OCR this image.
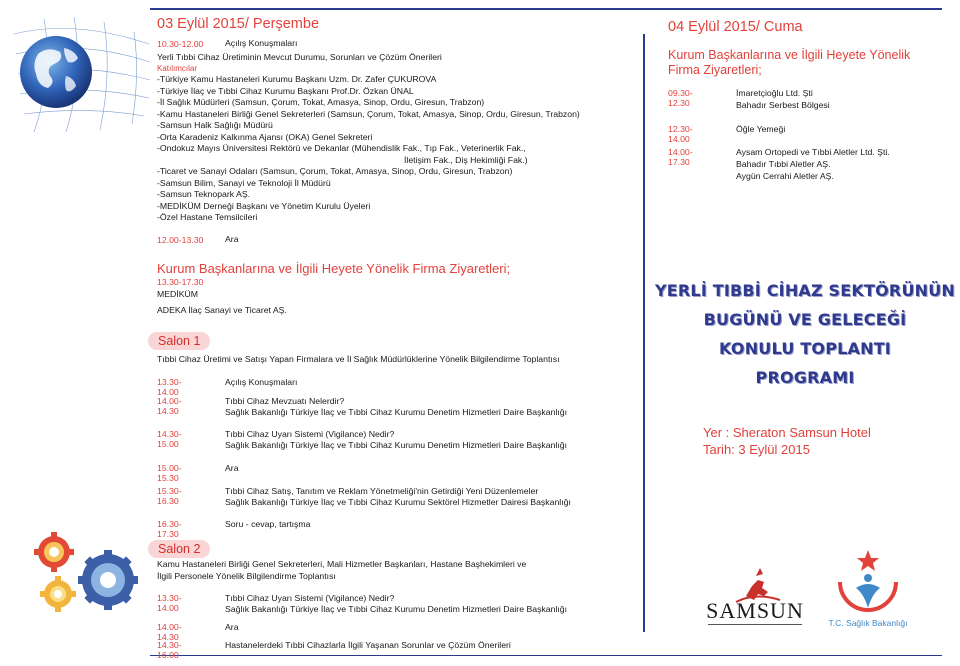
03 Eylül 2015/ Perşembe
10.30-12.00 Açılış Konuşmaları
Yerli Tıbbi Cihaz Üretiminin Mevcut Durumu, Sorunları ve Çözüm Önerileri
Katılımcılar
-Türkiye Kamu Hastaneleri Kurumu Başkanı Uzm. Dr. Zafer ÇUKUROVA
-Türkiye İlaç ve Tıbbi Cihaz Kurumu Başkanı Prof.Dr. Özkan ÜNAL
-İl Sağlık Müdürleri (Samsun, Çorum, Tokat, Amasya, Sinop, Ordu, Giresun, Trabzon)
-Kamu Hastaneleri Birliği Genel Sekreterleri (Samsun, Çorum, Tokat, Amasya, Sinop, Ordu, Giresun, Trabzon)
-Samsun Halk Sağlığı Müdürü
-Orta Karadeniz Kalkınma Ajansı (OKA) Genel Sekreteri
-Ondokuz Mayıs Üniversitesi Rektörü ve Dekanlar (Mühendislik Fak., Tıp Fak., Veterinerlik Fak.,
İletişim Fak., Diş Hekimliği Fak.)
-Ticaret ve Sanayi Odaları (Samsun, Çorum, Tokat, Amasya, Sinop, Ordu, Giresun, Trabzon)
-Samsun Bilim, Sanayi ve Teknoloji İl Müdürü
-Samsun Teknopark AŞ.
-MEDİKÜM Derneği Başkanı ve Yönetim Kurulu Üyeleri
-Özel Hastane Temsilcileri
12.00-13.30 Ara
Kurum Başkanlarına ve İlgili Heyete Yönelik Firma Ziyaretleri;
13.30-17.30
MEDİKÜM
ADEKA İlaç Sanayi ve Ticaret AŞ.
Salon 1
Tıbbi Cihaz Üretimi ve Satışı Yapan Firmalara ve İl Sağlık Müdürlüklerine Yönelik Bilgilendirme Toplantısı
13.30-14.00
Açılış Konuşmaları
14.00-14.30
Tıbbi Cihaz Mevzuatı Nelerdir?
Sağlık Bakanlığı Türkiye İlaç ve Tıbbi Cihaz Kurumu Denetim Hizmetleri Daire Başkanlığı
14.30-15.00
Tıbbi Cihaz Uyarı Sistemi (Vigilance) Nedir?
Sağlık Bakanlığı Türkiye İlaç ve Tıbbi Cihaz Kurumu Denetim Hizmetleri Daire Başkanlığı
15.00-15.30
Ara
15.30-16.30
Tıbbi Cihaz Satış, Tanıtım ve Reklam Yönetmeliği'nin Getirdiği Yeni Düzenlemeler
Sağlık Bakanlığı Türkiye İlaç ve Tıbbi Cihaz Kurumu Sektörel Hizmetler Dairesi Başkanlığı
16.30-17.30
Soru - cevap, tartışma
Salon 2
Kamu Hastaneleri Birliği Genel Sekreterleri, Mali Hizmetler Başkanları, Hastane Başhekimleri ve
İlgili Personele Yönelik Bilgilendirme Toplantısı
13.30-14.00
Tıbbi Cihaz Uyarı Sistemi (Vigilance) Nedir?
Sağlık Bakanlığı Türkiye İlaç ve Tıbbi Cihaz Kurumu Denetim Hizmetleri Daire Başkanlığı
14.00-14.30
Ara
14.30-16.00
Hastanelerdeki Tıbbi Cihazlarla İlgili Yaşanan Sorunlar ve Çözüm Önerileri
04 Eylül 2015/ Cuma
Kurum Başkanlarına ve İlgili Heyete Yönelik
Firma Ziyaretleri;
09.30-12.30
İmaretçioğlu Ltd. Şti
Bahadır Serbest Bölgesi
12.30-14.00
Öğle Yemeği
14.00-17.30
Aysam Ortopedi ve Tıbbi Aletler Ltd. Şti.
Bahadır Tıbbi Aletler AŞ.
Aygün Cerrahi Aletler AŞ.
YERLİ TIBBİ CİHAZ SEKTÖRÜNÜN
BUGÜNÜ VE GELECEĞİ
KONULU TOPLANTI
PROGRAMI
Yer : Sheraton Samsun Hotel
Tarih: 3 Eylül 2015
SAMSUN	T.C. Sağlık Bakanlığı
